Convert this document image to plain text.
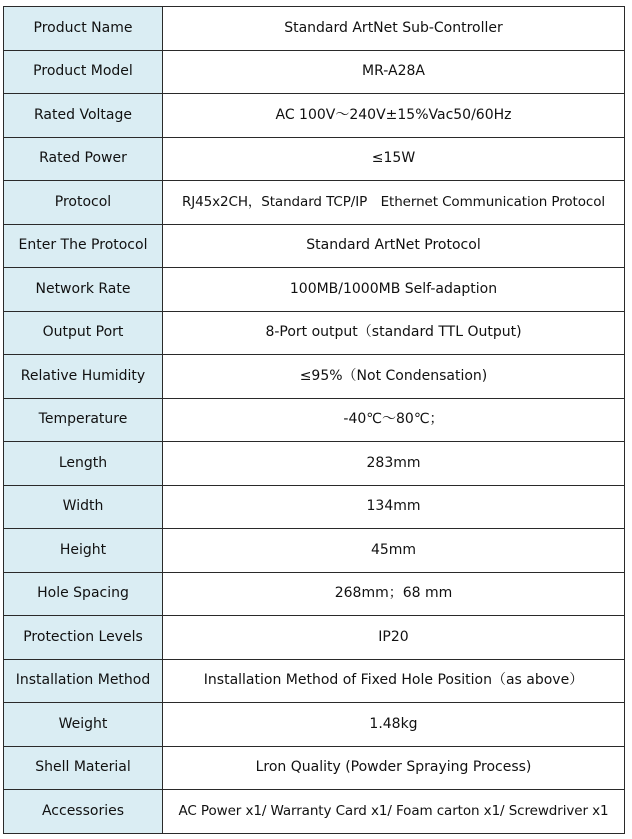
Product Name	Standard ArtNet Sub-Controller
Product Model	MR-A28A
Rated Voltage	AC 100V～240V±15%Vac50/60Hz
Rated Power	≤15W
Protocol	RJ45x2CH，Standard TCP/IP　Ethernet Communication Protocol
Enter The Protocol	Standard ArtNet Protocol
Network Rate	100MB/1000MB Self-adaption
Output Port	8-Port output（standard TTL Output)
Relative Humidity	≤95%（Not Condensation)
Temperature	-40℃～80℃；
Length	283mm
Width	134mm
Height	45mm
Hole Spacing	268mm；68 mm
Protection Levels	IP20
Installation Method	Installation Method of Fixed Hole Position（as above）
Weight	1.48kg
Shell Material	Lron Quality (Powder Spraying Process)
Accessories	AC Power x1/ Warranty Card x1/ Foam carton x1/ Screwdriver x1
